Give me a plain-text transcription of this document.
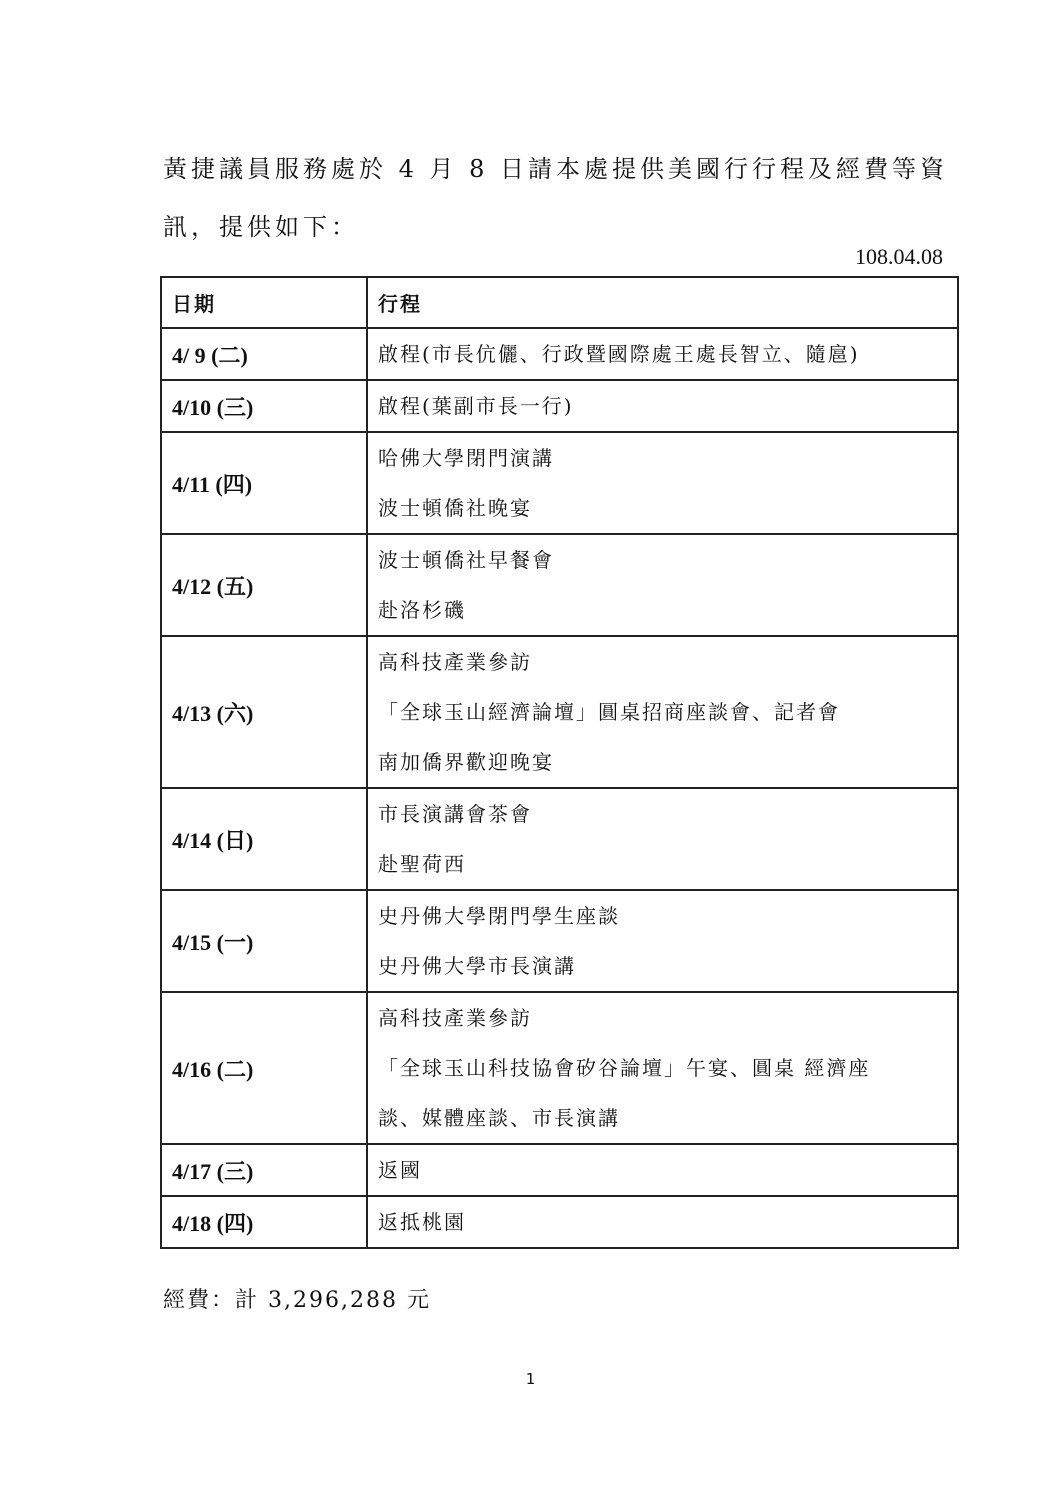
黃捷議員服務處於 4 月 8 日請本處提供美國行行程及經費等資
訊，提供如下：
108.04.08
日期	行程
4/ 9 (二)	啟程(市長伉儷、行政暨國際處王處長智立、隨扈)

4/10 (三)	啟程(葉副市長一行)

4/11 (四)	哈佛大學閉門演講
波士頓僑社晚宴

4/12 (五)	波士頓僑社早餐會
赴洛杉磯

4/13 (六)	高科技產業參訪
「全球玉山經濟論壇」圓桌招商座談會、記者會
南加僑界歡迎晚宴

4/14 (日)	市長演講會茶會
赴聖荷西

4/15 (一)	史丹佛大學閉門學生座談
史丹佛大學市長演講

4/16 (二)	高科技產業參訪
「全球玉山科技協會矽谷論壇」午宴、圓桌 經濟座
談、媒體座談、市長演講

4/17 (三)	返國

4/18 (四)	返抵桃園
經費：計 3,296,288 元
1
